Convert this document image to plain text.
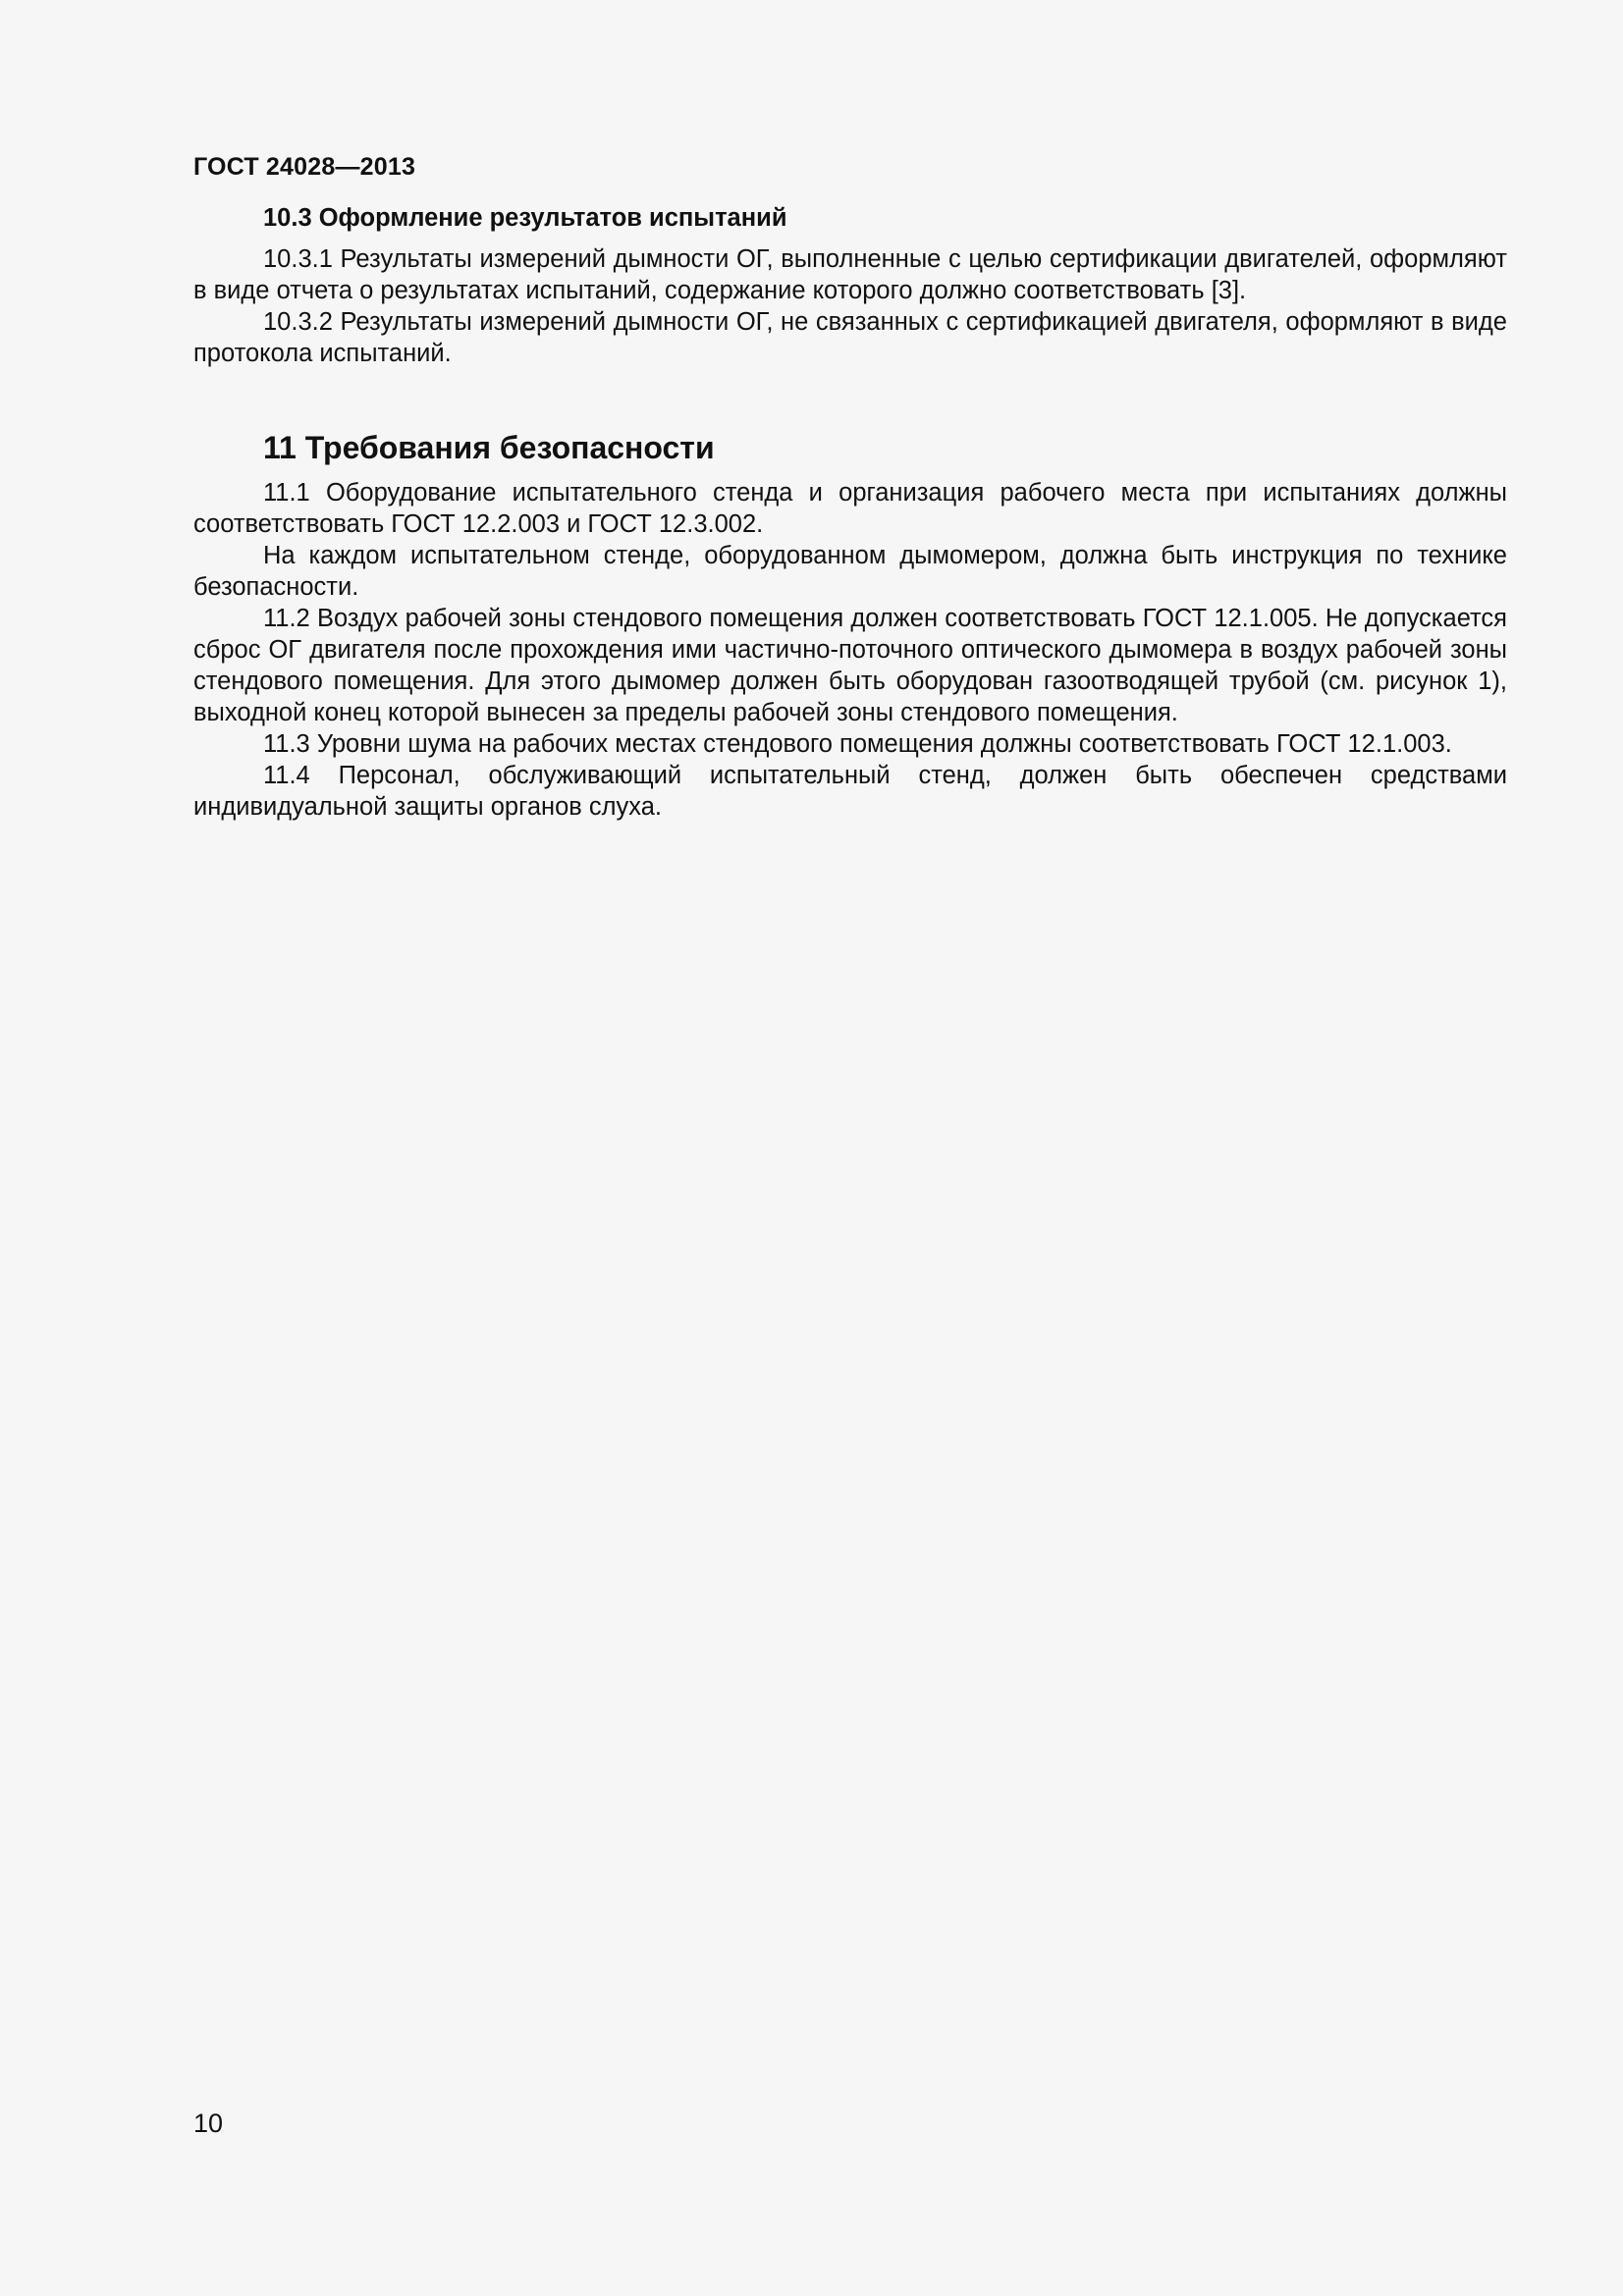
ГОСТ 24028—2013
10.3 Оформление результатов испытаний

10.3.1 Результаты измерений дымности ОГ, выполненные с целью сертификации двигателей, оформляют в виде отчета о результатах испытаний, содержание которого должно соответствовать [3].

10.3.2 Результаты измерений дымности ОГ, не связанных с сертификацией двигателя, оформляют в виде протокола испытаний.

11 Требования безопасности

11.1 Оборудование испытательного стенда и организация рабочего места при испытаниях должны соответствовать ГОСТ 12.2.003 и ГОСТ 12.3.002.

На каждом испытательном стенде, оборудованном дымомером, должна быть инструкция по технике безопасности.

11.2 Воздух рабочей зоны стендового помещения должен соответствовать ГОСТ 12.1.005. Не допускается сброс ОГ двигателя после прохождения ими частично-поточного оптического дымомера в воздух рабочей зоны стендового помещения. Для этого дымомер должен быть оборудован газоотводящей трубой (см. рисунок 1), выходной конец которой вынесен за пределы рабочей зоны стендового помещения.

11.3 Уровни шума на рабочих местах стендового помещения должны соответствовать ГОСТ 12.1.003.

11.4 Персонал, обслуживающий испытательный стенд, должен быть обеспечен средствами индивидуальной защиты органов слуха.

10
